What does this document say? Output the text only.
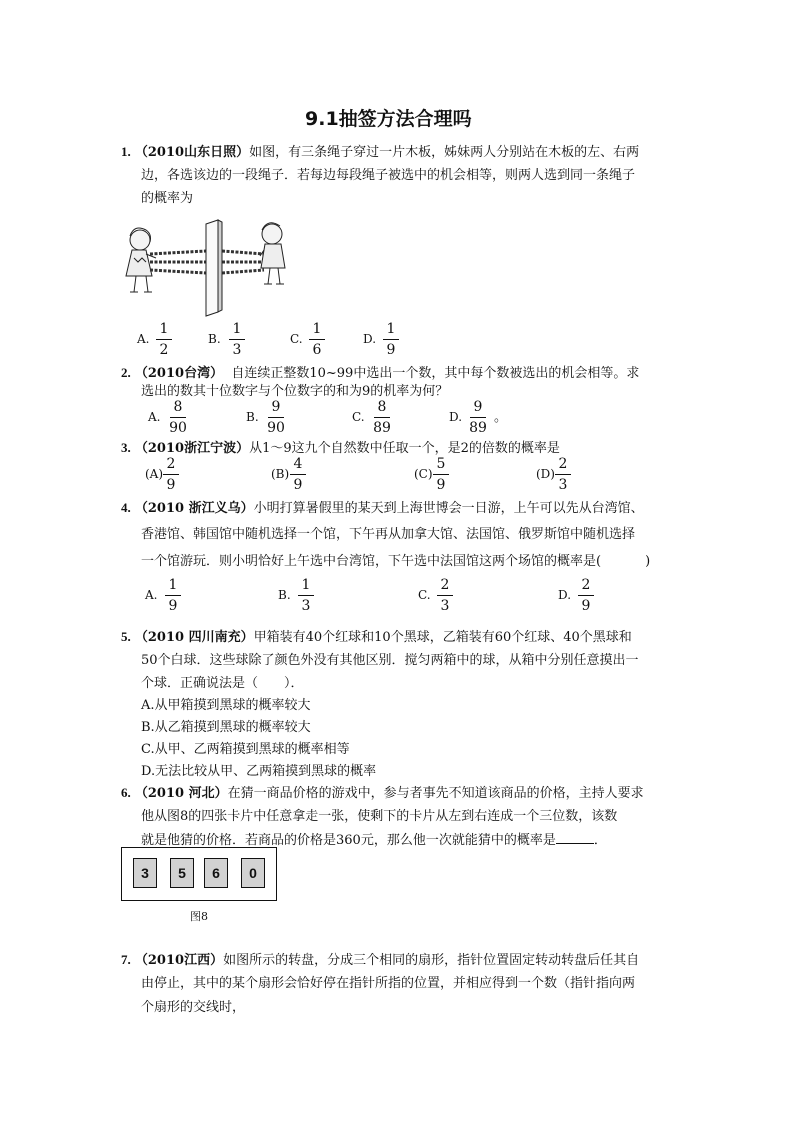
9.1抽签方法合理吗
1. （2010山东日照）如图，有三条绳子穿过一片木板，姊妹两人分别站在木板的左、右两
边，各选该边的一段绳子．若每边每段绳子被选中的机会相等，则两人选到同一条绳子
的概率为
A.
1
2
B.
1
3
C.
1
6
D.
1
9
2. （2010台湾） 自连续正整数10~99中选出一个数，其中每个数被选出的机会相等。求
选出的数其十位数字与个位数字的和为9的机率为何？
A.
8
90
B.
9
90
C.
8
89
D.
9
89
。
3. （2010浙江宁波）从1～9这九个自然数中任取一个，是2的倍数的概率是
(A)
2
9
(B)
4
9
(C)
5
9
(D)
2
3
4. （2010 浙江义乌）小明打算暑假里的某天到上海世博会一日游，上午可以先从台湾馆、
香港馆、韩国馆中随机选择一个馆，下午再从加拿大馆、法国馆、俄罗斯馆中随机选择
一个馆游玩．则小明恰好上午选中台湾馆，下午选中法国馆这两个场馆的概率是(	)
A.
1
9
B.
1
3
C.
2
3
D.
2
9
5. （2010 四川南充）甲箱装有40个红球和10个黑球，乙箱装有60个红球、40个黑球和
50个白球．这些球除了颜色外没有其他区别．搅匀两箱中的球，从箱中分别任意摸出一
个球．正确说法是（　　）．
A.从甲箱摸到黑球的概率较大
B.从乙箱摸到黑球的概率较大
C.从甲、乙两箱摸到黑球的概率相等
D.无法比较从甲、乙两箱摸到黑球的概率
6. （2010 河北）在猜一商品价格的游戏中，参与者事先不知道该商品的价格，主持人要求
他从图8的四张卡片中任意拿走一张，使剩下的卡片从左到右连成一个三位数，该数
就是他猜的价格．若商品的价格是360元，那么他一次就能猜中的概率是	．
3	5	6	0
图8
7. （2010江西）如图所示的转盘，分成三个相同的扇形，指针位置固定转动转盘后任其自
由停止，其中的某个扇形会恰好停在指针所指的位置，并相应得到一个数（指针指向两
个扇形的交线时，
